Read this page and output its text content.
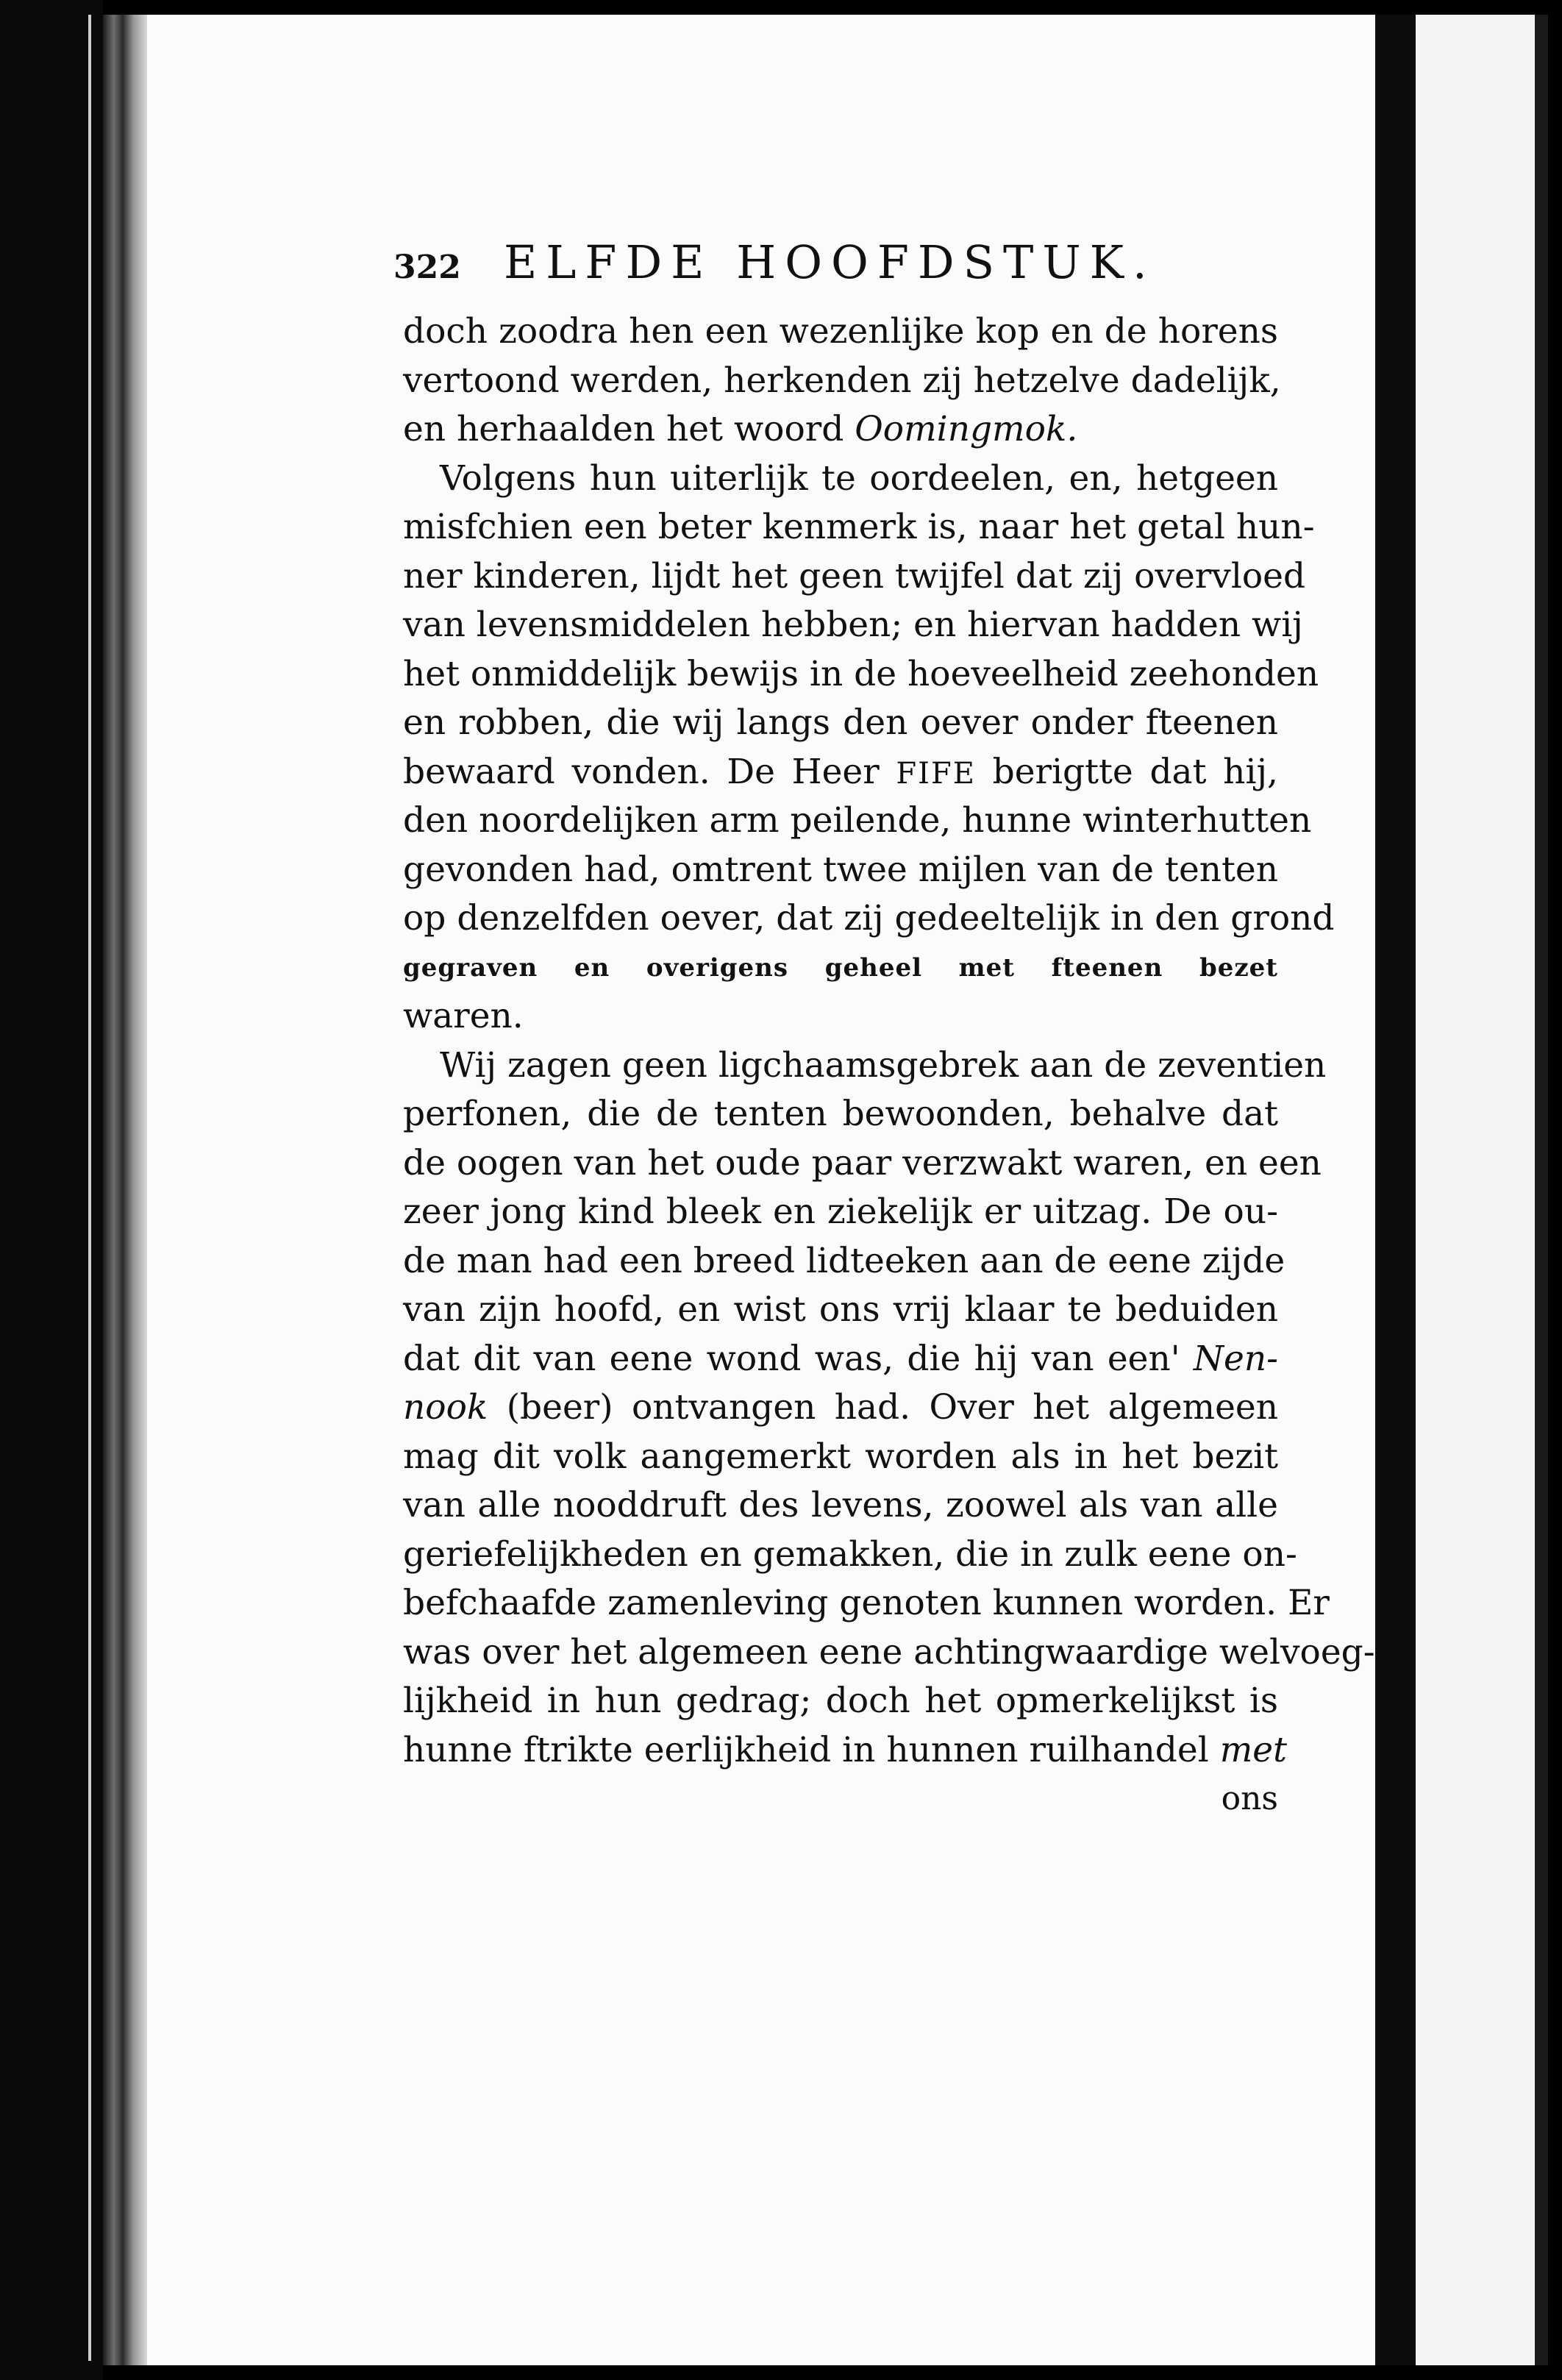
322 ELFDE HOOFDSTUK.
doch zoodra hen een wezenlijke kop en de horens
vertoond werden, herkenden zij hetzelve dadelijk,
en herhaalden het woord Oomingmok.
Volgens hun uiterlijk te oordeelen, en, hetgeen
misfchien een beter kenmerk is, naar het getal hun-
ner kinderen, lijdt het geen twijfel dat zij overvloed
van levensmiddelen hebben; en hiervan hadden wij
het onmiddelijk bewijs in de hoeveelheid zeehonden
en robben, die wij langs den oever onder fteenen
bewaard vonden. De Heer FIFE berigtte dat hij,
den noordelijken arm peilende, hunne winterhutten
gevonden had, omtrent twee mijlen van de tenten
op denzelfden oever, dat zij gedeeltelijk in den grond
gegraven en overigens geheel met fteenen bezet
waren.
Wij zagen geen ligchaamsgebrek aan de zeventien
perfonen, die de tenten bewoonden, behalve dat
de oogen van het oude paar verzwakt waren, en een
zeer jong kind bleek en ziekelijk er uitzag. De ou-
de man had een breed lidteeken aan de eene zijde
van zijn hoofd, en wist ons vrij klaar te beduiden
dat dit van eene wond was, die hij van een' Nen-
nook (beer) ontvangen had. Over het algemeen
mag dit volk aangemerkt worden als in het bezit
van alle nooddruft des levens, zoowel als van alle
geriefelijkheden en gemakken, die in zulk eene on-
befchaafde zamenleving genoten kunnen worden. Er
was over het algemeen eene achtingwaardige welvoeg-
lijkheid in hun gedrag; doch het opmerkelijkst is
hunne ftrikte eerlijkheid in hunnen ruilhandel met
ons
